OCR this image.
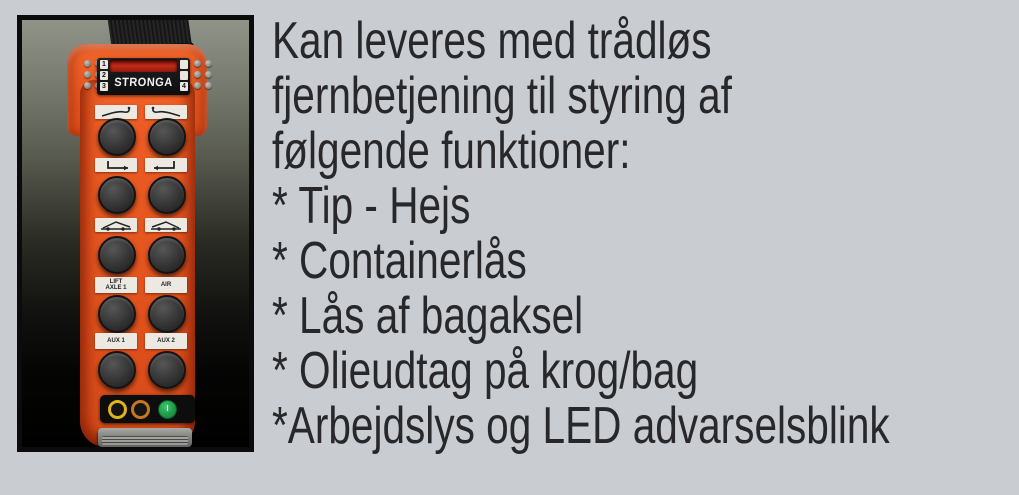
1
2
3	4
STRONGA
LIFT AXLE 1	AIR
AUX 1	AUX 2
I
Kan leveres med trådløs
fjernbetjening til styring af
følgende funktioner:
* Tip - Hejs
* Containerlås
* Lås af bagaksel
* Olieudtag på krog/bag
*Arbejdslys og LED advarselsblink
